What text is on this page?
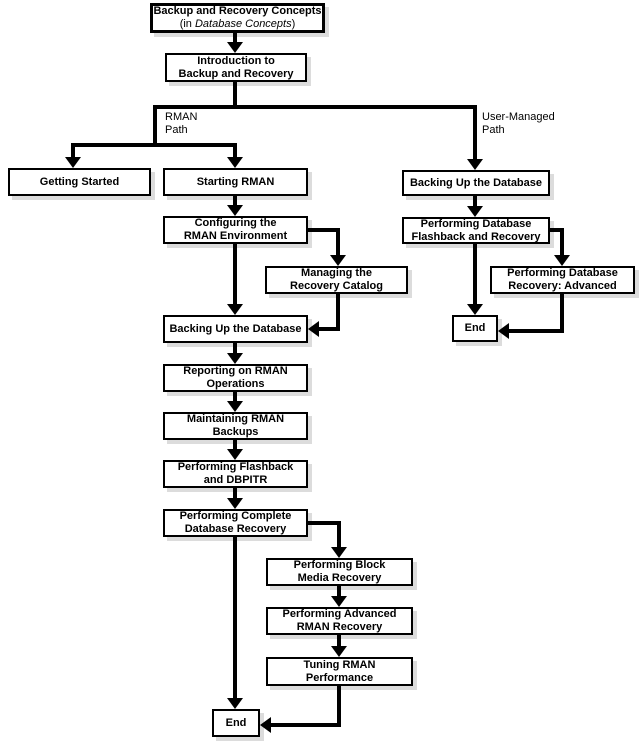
Backup and Recovery Concepts
(in Database Concepts)
Introduction to
Backup and Recovery
Getting Started	Starting RMAN
Configuring the
RMAN Environment
Managing the
Recovery Catalog
Backing Up the Database
Reporting on RMAN
Operations
Maintaining RMAN
Backups
Performing Flashback
and DBPITR
Performing Complete
Database Recovery
Performing Block
Media Recovery
Performing Advanced
RMAN Recovery
Tuning RMAN
Performance
End
Backing Up the Database
Performing Database
Flashback and Recovery
Performing Database
Recovery: Advanced
End
RMAN
Path
User-Managed
Path
